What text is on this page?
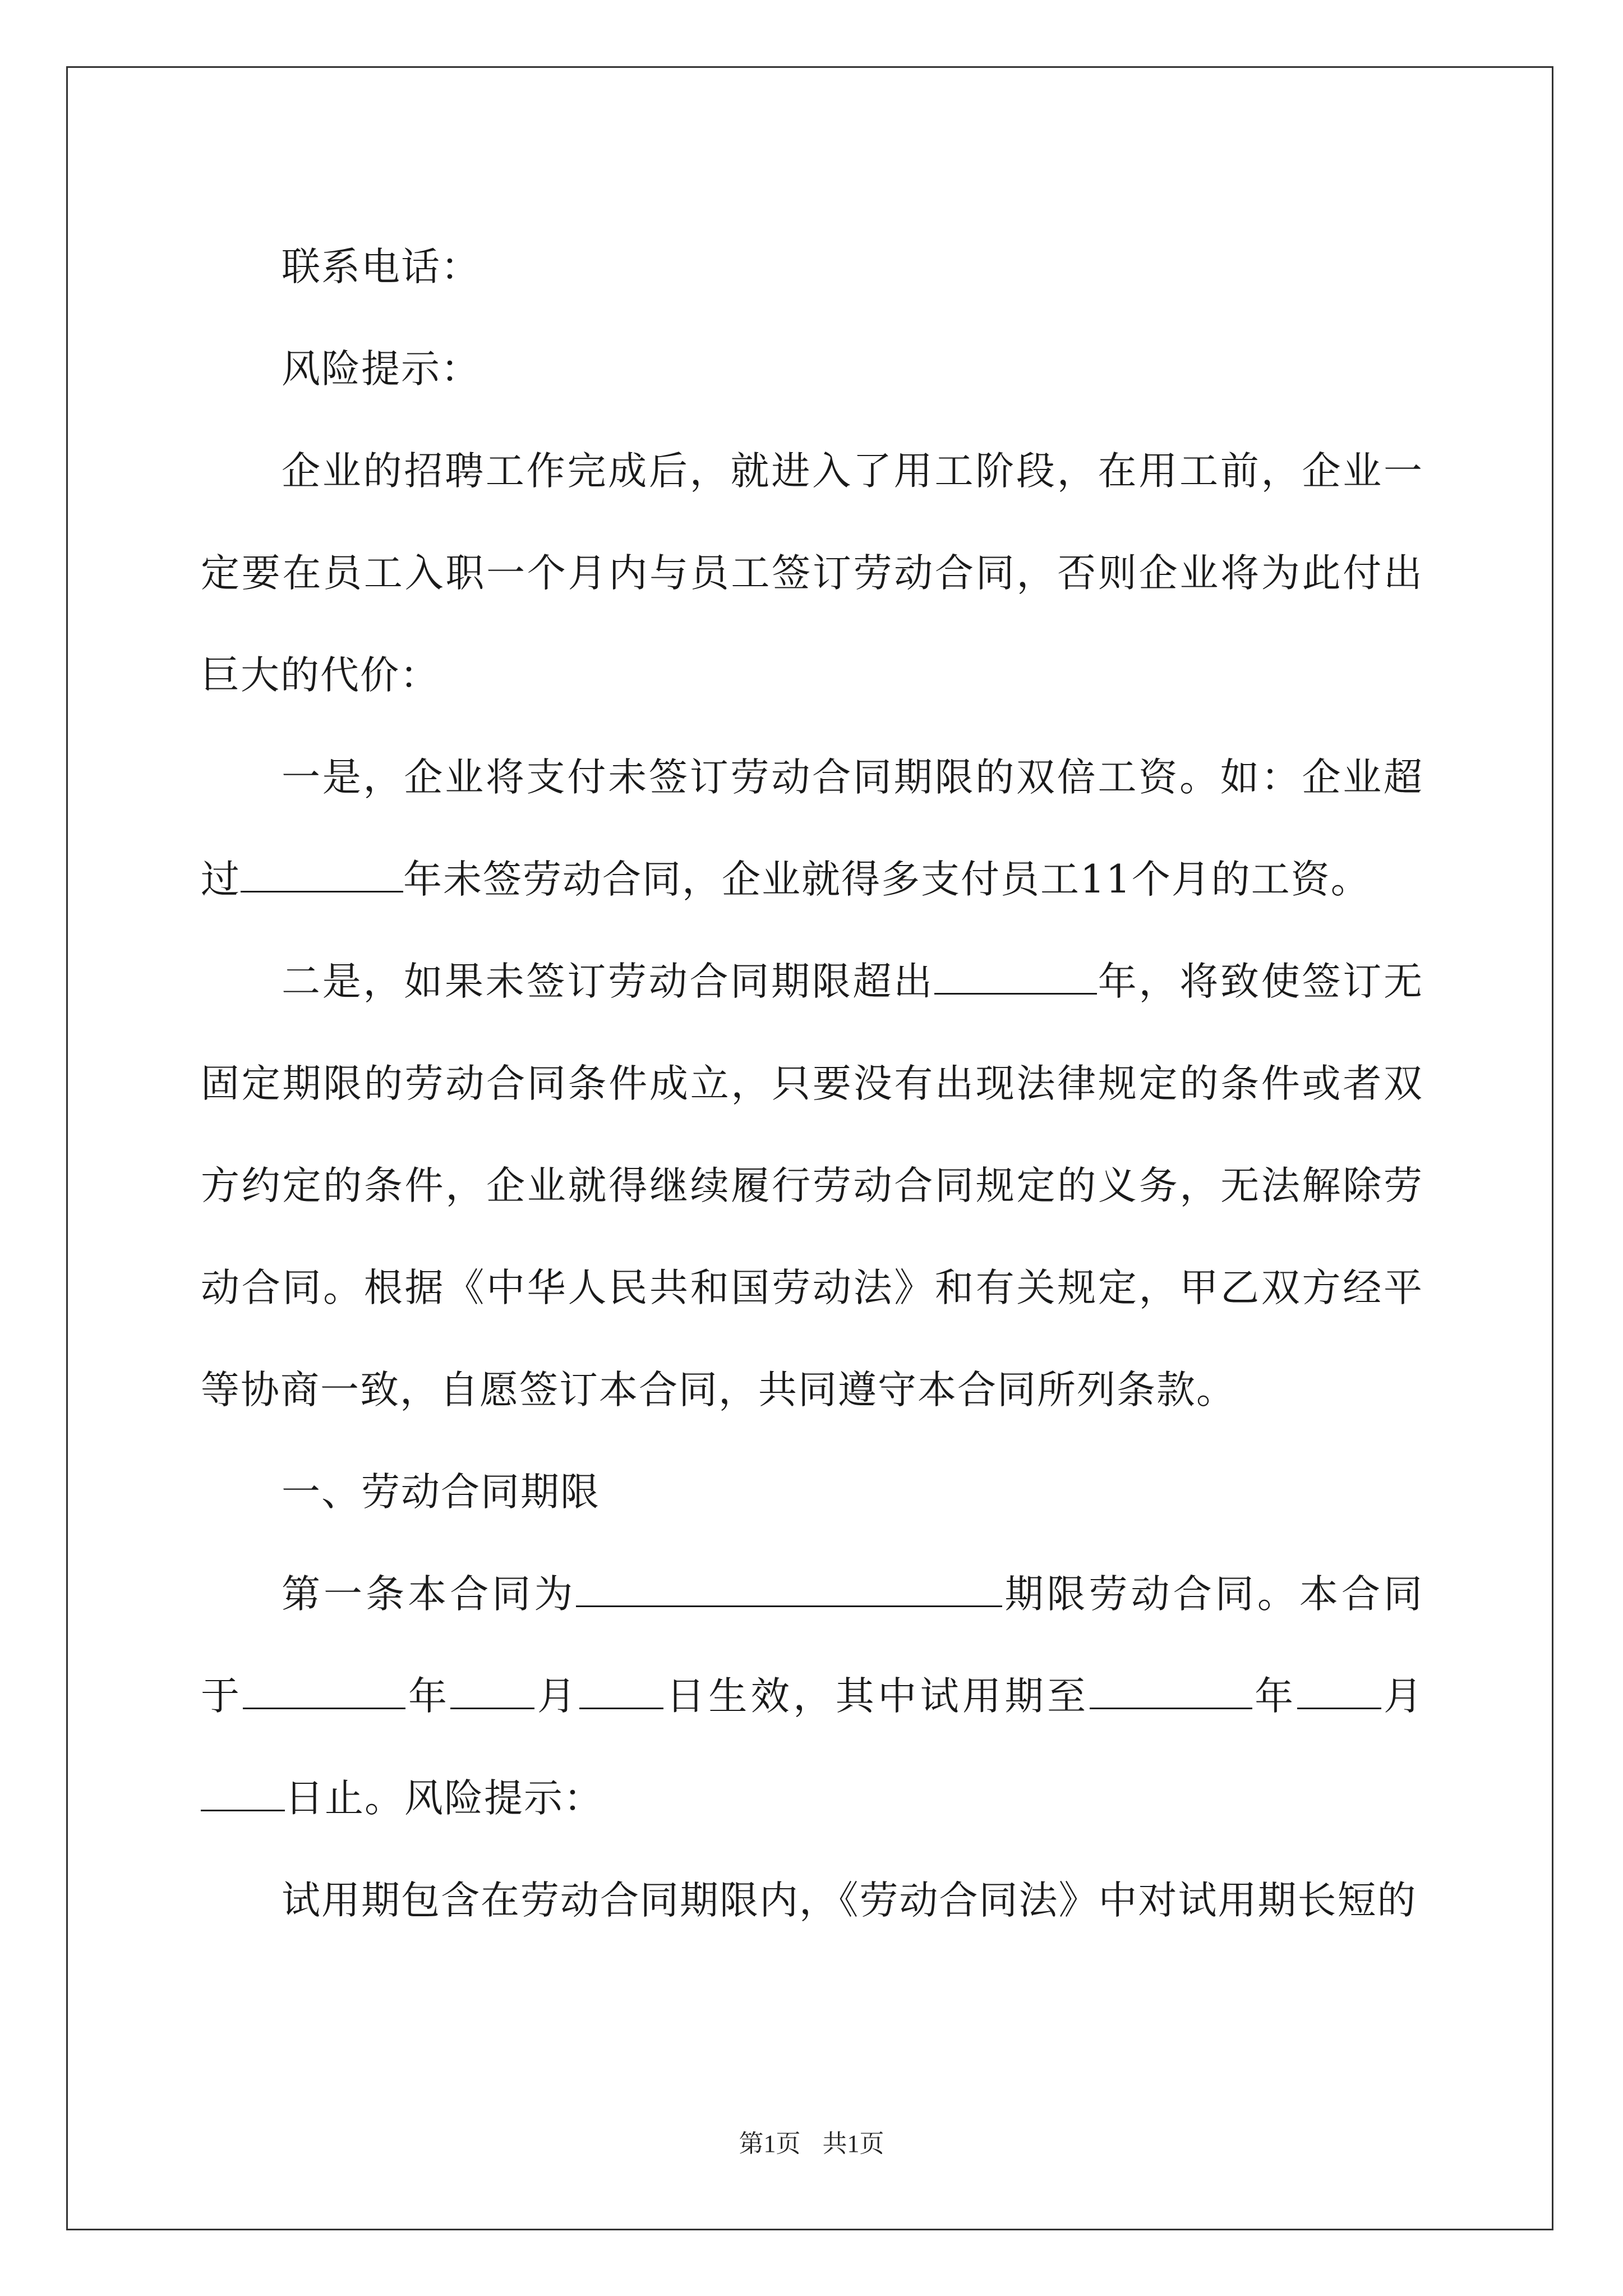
联系电话：

风险提示：

企业的招聘工作完成后，就进入了用工阶段，在用工前，企业一定要在员工入职一个月内与员工签订劳动合同，否则企业将为此付出巨大的代价：

一是，企业将支付未签订劳动合同期限的双倍工资。如：企业超过	年未签劳动合同，企业就得多支付员工11个月的工资。

二是，如果未签订劳动合同期限超出	年，将致使签订无固定期限的劳动合同条件成立，只要没有出现法律规定的条件或者双方约定的条件，企业就得继续履行劳动合同规定的义务，无法解除劳动合同。根据《中华人民共和国劳动法》和有关规定，甲乙双方经平等协商一致，自愿签订本合同，共同遵守本合同所列条款。

一、劳动合同期限

第一条本合同为	期限劳动合同。本合同于	年 月 日生效，其中试用期至	年 月日止。风险提示：

试用期包含在劳动合同期限内，《劳动合同法》中对试用期长短的

第1页 共1页
